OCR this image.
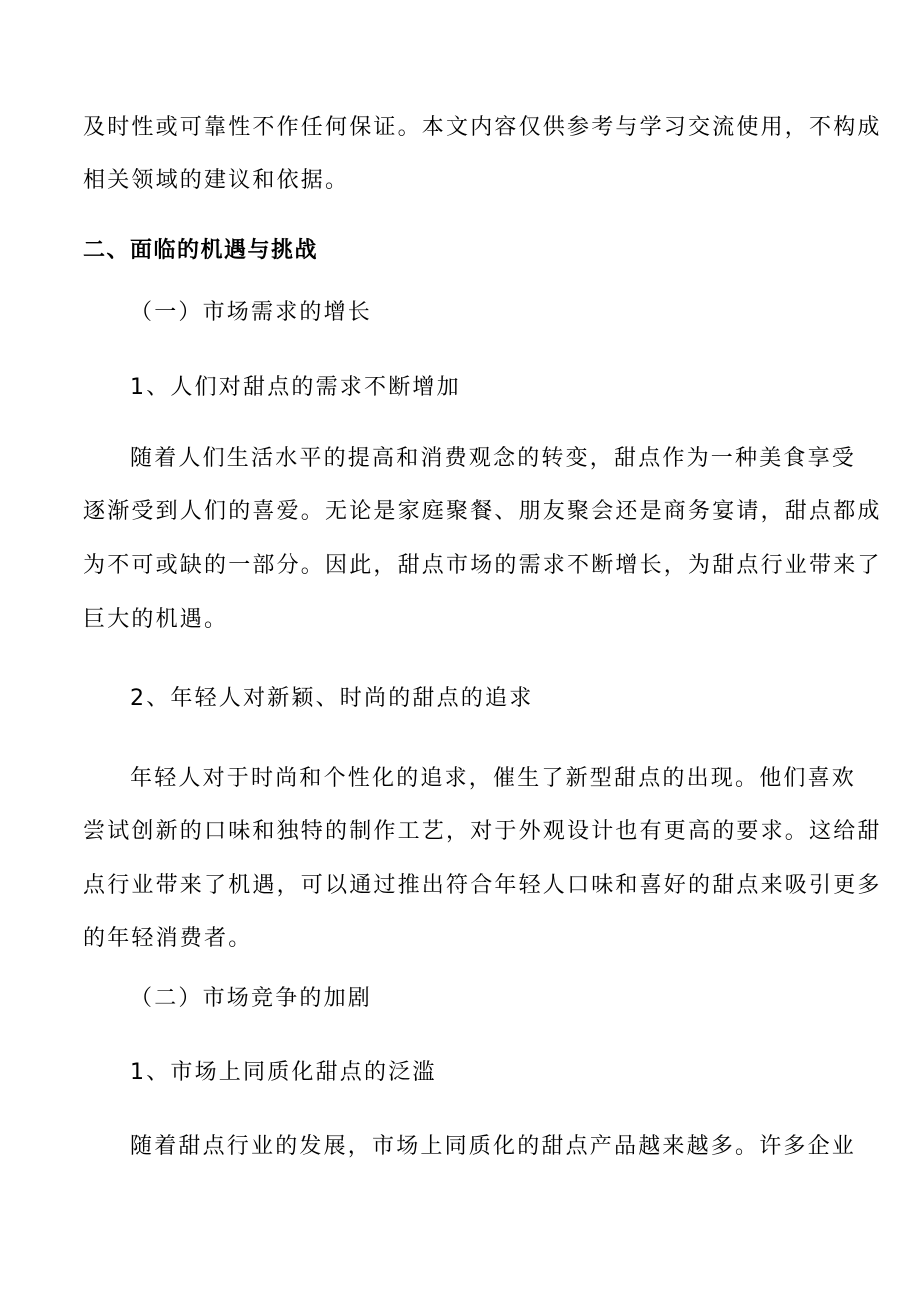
及时性或可靠性不作任何保证。本文内容仅供参考与学习交流使用，不构成
相关领域的建议和依据。
二、面临的机遇与挑战
（一）市场需求的增长
1、人们对甜点的需求不断增加
随着人们生活水平的提高和消费观念的转变，甜点作为一种美食享受
逐渐受到人们的喜爱。无论是家庭聚餐、朋友聚会还是商务宴请，甜点都成
为不可或缺的一部分。因此，甜点市场的需求不断增长，为甜点行业带来了
巨大的机遇。
2、年轻人对新颖、时尚的甜点的追求
年轻人对于时尚和个性化的追求，催生了新型甜点的出现。他们喜欢
尝试创新的口味和独特的制作工艺，对于外观设计也有更高的要求。这给甜
点行业带来了机遇，可以通过推出符合年轻人口味和喜好的甜点来吸引更多
的年轻消费者。
（二）市场竞争的加剧
1、市场上同质化甜点的泛滥
随着甜点行业的发展，市场上同质化的甜点产品越来越多。许多企业
